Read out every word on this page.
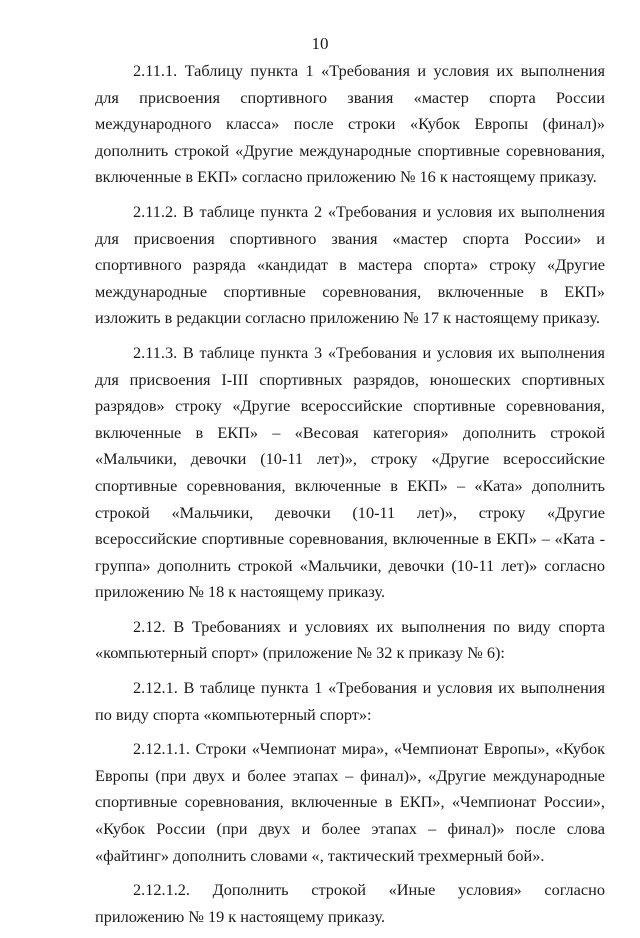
10

2.11.1. Таблицу пункта 1 «Требования и условия их выполнения для присвоения спортивного звания «мастер спорта России международного класса» после строки «Кубок Европы (финал)» дополнить строкой «Другие международные спортивные соревнования, включенные в ЕКП» согласно приложению № 16 к настоящему приказу.

2.11.2. В таблице пункта 2 «Требования и условия их выполнения для присвоения спортивного звания «мастер спорта России» и спортивного разряда «кандидат в мастера спорта» строку «Другие международные спортивные соревнования, включенные в ЕКП» изложить в редакции согласно приложению № 17 к настоящему приказу.

2.11.3. В таблице пункта 3 «Требования и условия их выполнения для присвоения I-III спортивных разрядов, юношеских спортивных разрядов» строку «Другие всероссийские спортивные соревнования, включенные в ЕКП» – «Весовая категория» дополнить строкой «Мальчики, девочки (10-11 лет)», строку «Другие всероссийские спортивные соревнования, включенные в ЕКП» – «Ката» дополнить строкой «Мальчики, девочки (10-11 лет)», строку «Другие всероссийские спортивные соревнования, включенные в ЕКП» – «Ката - группа» дополнить строкой «Мальчики, девочки (10-11 лет)» согласно приложению № 18 к настоящему приказу.

2.12. В Требованиях и условиях их выполнения по виду спорта «компьютерный спорт» (приложение № 32 к приказу № 6):

2.12.1. В таблице пункта 1 «Требования и условия их выполнения по виду спорта «компьютерный спорт»:

2.12.1.1. Строки «Чемпионат мира», «Чемпионат Европы», «Кубок Европы (при двух и более этапах – финал)», «Другие международные спортивные соревнования, включенные в ЕКП», «Чемпионат России», «Кубок России (при двух и более этапах – финал)» после слова «файтинг» дополнить словами «, тактический трехмерный бой».

2.12.1.2. Дополнить строкой «Иные условия» согласно приложению № 19 к настоящему приказу.
